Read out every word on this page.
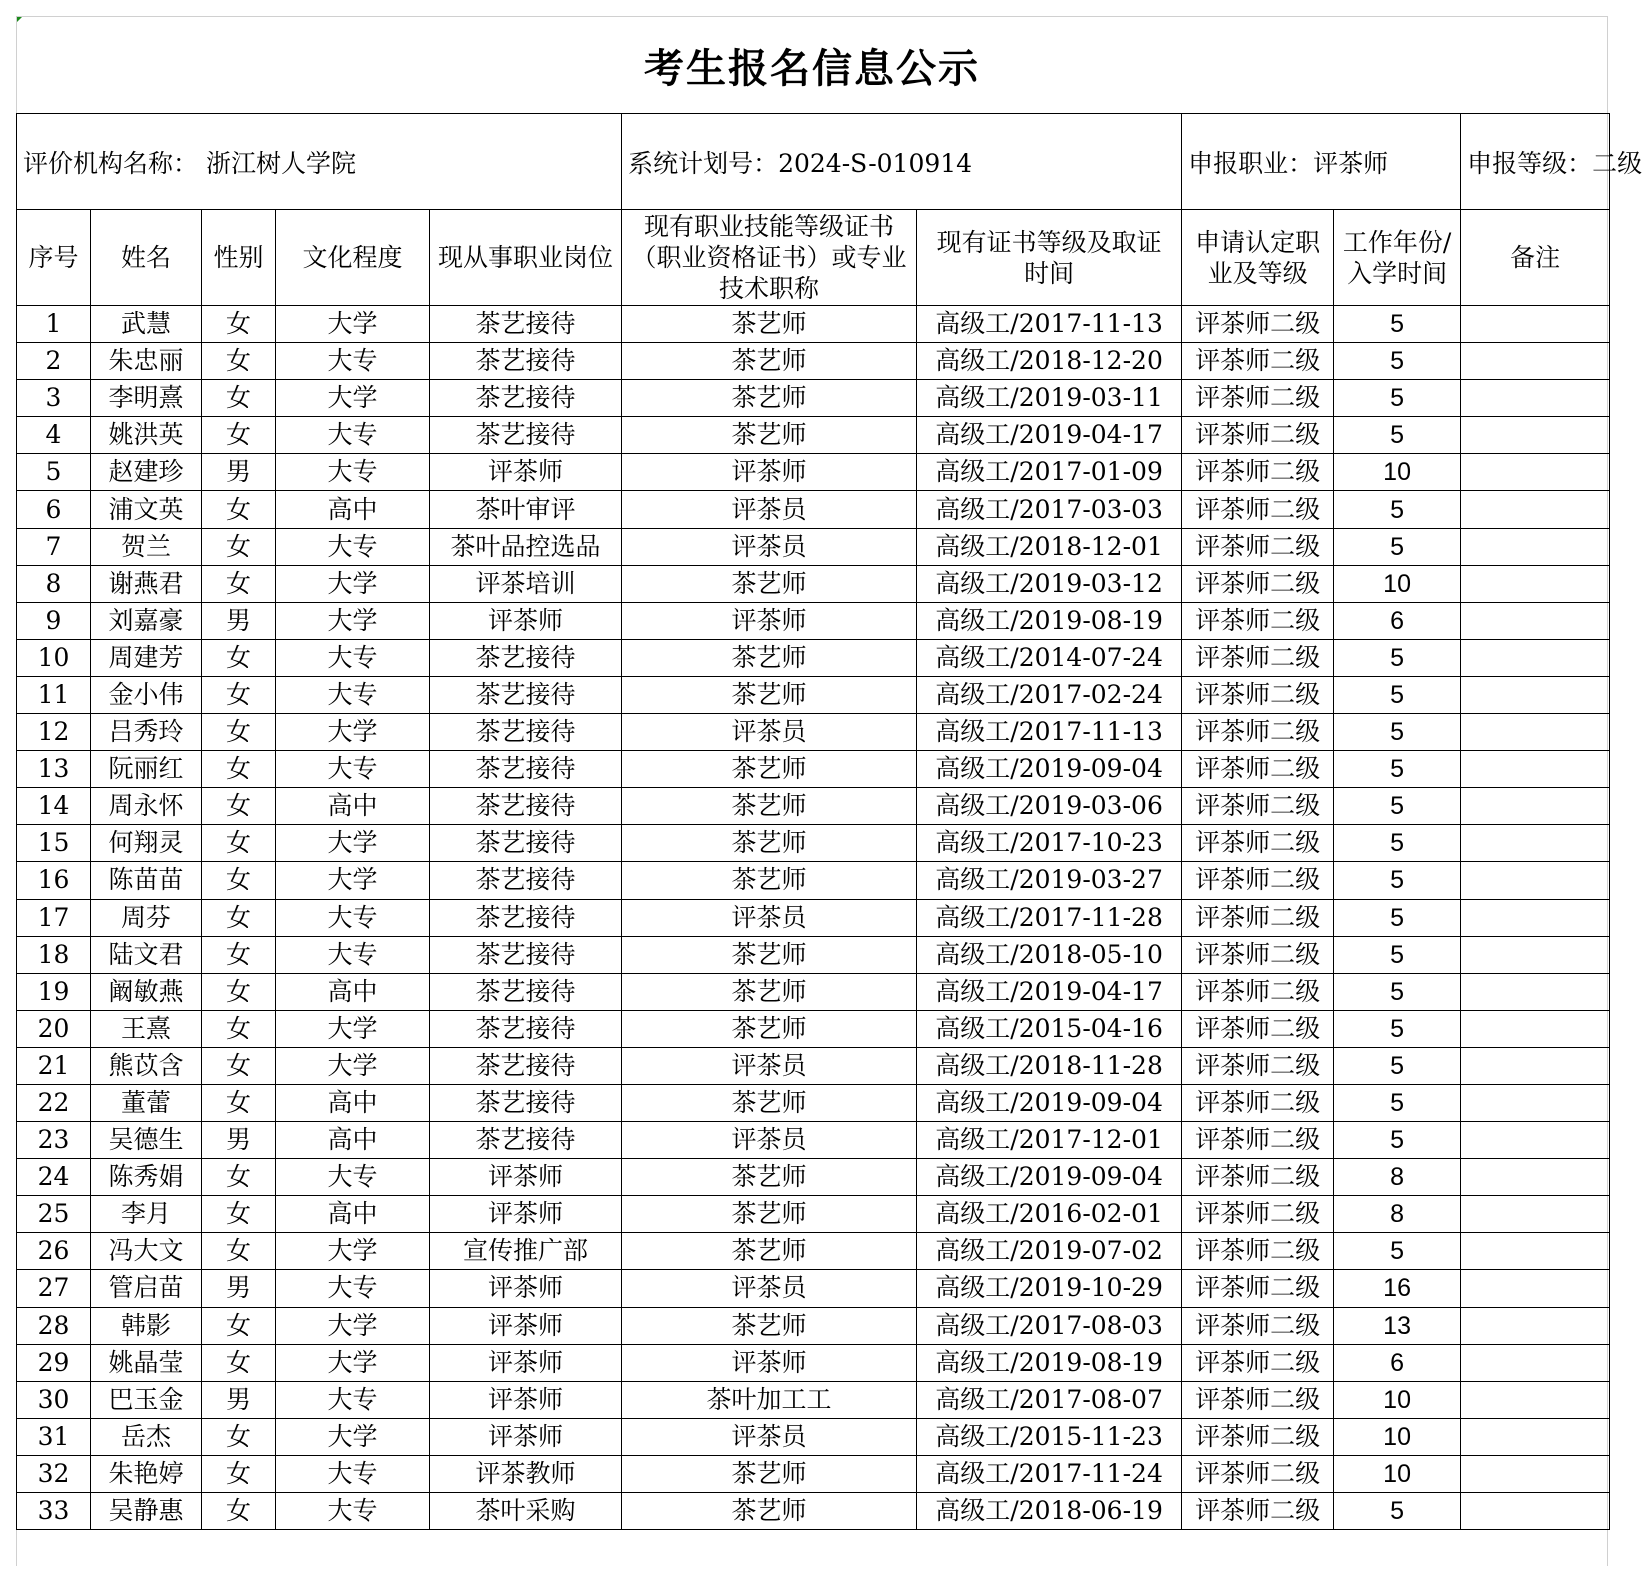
考生报名信息公示
评价机构名称： 浙江树人学院					系统计划号：2024-S-010914		申报职业：评茶师		申报等级：二级
序号	姓名	性别	文化程度	现从事职业岗位	现有职业技能等级证书（职业资格证书）或专业技术职称	现有证书等级及取证时间	申请认定职业及等级	工作年份/入学时间	备注
1	武慧	女	大学	茶艺接待	茶艺师	高级工/2017-11-13	评茶师二级	5	
2	朱忠丽	女	大专	茶艺接待	茶艺师	高级工/2018-12-20	评茶师二级	5	
3	李明熹	女	大学	茶艺接待	茶艺师	高级工/2019-03-11	评茶师二级	5	
4	姚洪英	女	大专	茶艺接待	茶艺师	高级工/2019-04-17	评茶师二级	5	
5	赵建珍	男	大专	评茶师	评茶师	高级工/2017-01-09	评茶师二级	10	
6	浦文英	女	高中	茶叶审评	评茶员	高级工/2017-03-03	评茶师二级	5	
7	贺兰	女	大专	茶叶品控选品	评茶员	高级工/2018-12-01	评茶师二级	5	
8	谢燕君	女	大学	评茶培训	茶艺师	高级工/2019-03-12	评茶师二级	10	
9	刘嘉豪	男	大学	评茶师	评茶师	高级工/2019-08-19	评茶师二级	6	
10	周建芳	女	大专	茶艺接待	茶艺师	高级工/2014-07-24	评茶师二级	5	
11	金小伟	女	大专	茶艺接待	茶艺师	高级工/2017-02-24	评茶师二级	5	
12	吕秀玲	女	大学	茶艺接待	评茶员	高级工/2017-11-13	评茶师二级	5	
13	阮丽红	女	大专	茶艺接待	茶艺师	高级工/2019-09-04	评茶师二级	5	
14	周永怀	女	高中	茶艺接待	茶艺师	高级工/2019-03-06	评茶师二级	5	
15	何翔灵	女	大学	茶艺接待	茶艺师	高级工/2017-10-23	评茶师二级	5	
16	陈苗苗	女	大学	茶艺接待	茶艺师	高级工/2019-03-27	评茶师二级	5	
17	周芬	女	大专	茶艺接待	评茶员	高级工/2017-11-28	评茶师二级	5	
18	陆文君	女	大专	茶艺接待	茶艺师	高级工/2018-05-10	评茶师二级	5	
19	阚敏燕	女	高中	茶艺接待	茶艺师	高级工/2019-04-17	评茶师二级	5	
20	王熹	女	大学	茶艺接待	茶艺师	高级工/2015-04-16	评茶师二级	5	
21	熊苡含	女	大学	茶艺接待	评茶员	高级工/2018-11-28	评茶师二级	5	
22	董蕾	女	高中	茶艺接待	茶艺师	高级工/2019-09-04	评茶师二级	5	
23	吴德生	男	高中	茶艺接待	评茶员	高级工/2017-12-01	评茶师二级	5	
24	陈秀娟	女	大专	评茶师	茶艺师	高级工/2019-09-04	评茶师二级	8	
25	李月	女	高中	评茶师	茶艺师	高级工/2016-02-01	评茶师二级	8	
26	冯大文	女	大学	宣传推广部	茶艺师	高级工/2019-07-02	评茶师二级	5	
27	管启苗	男	大专	评茶师	评茶员	高级工/2019-10-29	评茶师二级	16	
28	韩影	女	大学	评茶师	茶艺师	高级工/2017-08-03	评茶师二级	13	
29	姚晶莹	女	大学	评茶师	评茶师	高级工/2019-08-19	评茶师二级	6	
30	巴玉金	男	大专	评茶师	茶叶加工工	高级工/2017-08-07	评茶师二级	10	
31	岳杰	女	大学	评茶师	评茶员	高级工/2015-11-23	评茶师二级	10	
32	朱艳婷	女	大专	评茶教师	茶艺师	高级工/2017-11-24	评茶师二级	10	
33	吴静惠	女	大专	茶叶采购	茶艺师	高级工/2018-06-19	评茶师二级	5	
